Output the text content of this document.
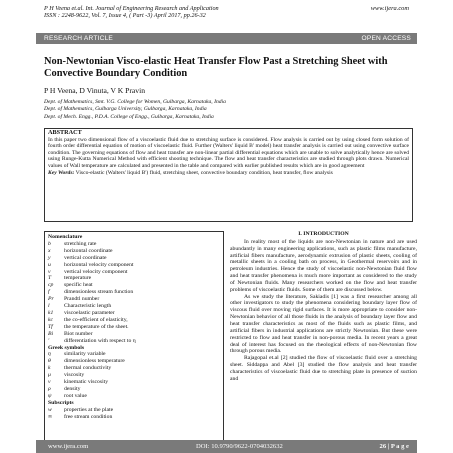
P H Veena et.al. Int. Journal of Engineering Research and Application
ISSN : 2248-9622, Vol. 7, Issue 4, ( Part -3) April 2017, pp.26-32
www.ijera.com
RESEARCH ARTICLE	OPEN ACCESS
Non-Newtonian Visco-elastic Heat Transfer Flow Past a Stretching Sheet with Convective Boundary Condition
P H Veena, D Vinuta, V K Pravin
Dept. of Mathematics, Smt. V.G. College for Women, Gulbarga, Karnataka, India
Dept. of Mathematics, Gulbarga University, Gulbarga, Karnataka, India
Dept. of Mech. Engg., P.D.A. College of Engg., Gulbarga, Karnataka, India
ABSTRACT
In this paper two dimensional flow of a viscoelastic fluid due to stretching surface is considered. Flow analysis is carried out by using closed form solution of fourth order differential equation of motion of viscoelastic fluid. Further (Walters' liquid B' model) heat transfer analysis is carried out using convective surface condition. The governing equations of flow and heat transfer are non-linear partial differential equations which are unable to solve analytically hence are solved using Runge-Kutta Numerical Method with efficient shooting technique. The flow and heat transfer characteristics are studied through plots drawn. Numerical values of Wall temperature are calculated and presented in the table and compared with earlier published results which are in good agreement
Key Words: Visco-elastic (Walters' liquid B') fluid, stretching sheet, convective boundary condition, heat transfer, flow analysis
Nomenclature
b	stretching rate
x	horizontal coordinate
y	vertical coordinate
u	horizontal velocity component
v	vertical velocity component
T	temperature
cp	specific heat
f	dimensionless stream function
Pr	Prandtl number
l	Characteristic length
k1	viscoelastic parameter
kc	the co-efficient of elasticity,
Tf	the temperature of the sheet.
Bi	Biot number
'	differentiation with respect to η
Greek symbols
η	similarity variable
θ	dimensionless temperature
k	thermal conductivity
μ	viscosity
ν	kinematic viscosity
ρ	density
ψ	root value
Subscripts
w	properties at the plate
∞	free stream condition
I. INTRODUCTION

In reality most of the liquids are non-Newtonian in nature and are used abundantly in many engineering applications, such as plastic films manufacture, artificial fibers manufacture, aerodynamic extrusion of plastic sheets, cooling of metallic sheets in a cooling bath on process, in Geothermal reservoirs and in petroleum industries. Hence the study of viscoelastic non-Newtonian fluid flow and heat transfer phenomena is much more important as considered to the study of Newtonian fluids. Many researchers worked on the flow and heat transfer problems of viscoelastic fluids. Some of them are discussed below.

As we study the literature, Sakiadis [1] was a first researcher among all other investigators to study the phenomena considering boundary layer flow of viscous fluid over moving rigid surfaces. It is more appropriate to consider non-Newtonian behavior of all those fluids in the analysis of boundary layer flow and heat transfer characteristics as most of the fluids such as plastic films, and artificial fibers in industrial applications are strictly Newtonian. But these were restricted to flow and heat transfer in non-porous media. In recent years a great deal of interest has focused on the rheological effects of non-Newtonian flow through porous media.

Rajagopal et.al [2] studied the flow of viscoelastic fluid over a stretching sheet. Siddappa and Abel [3] studied the flow analysis and heat transfer characteristics of viscoelastic fluid due to stretching plate in presence of suction and

www.ijera.com	DOI: 10.9790/9622-0704032632	26 | P a g e
